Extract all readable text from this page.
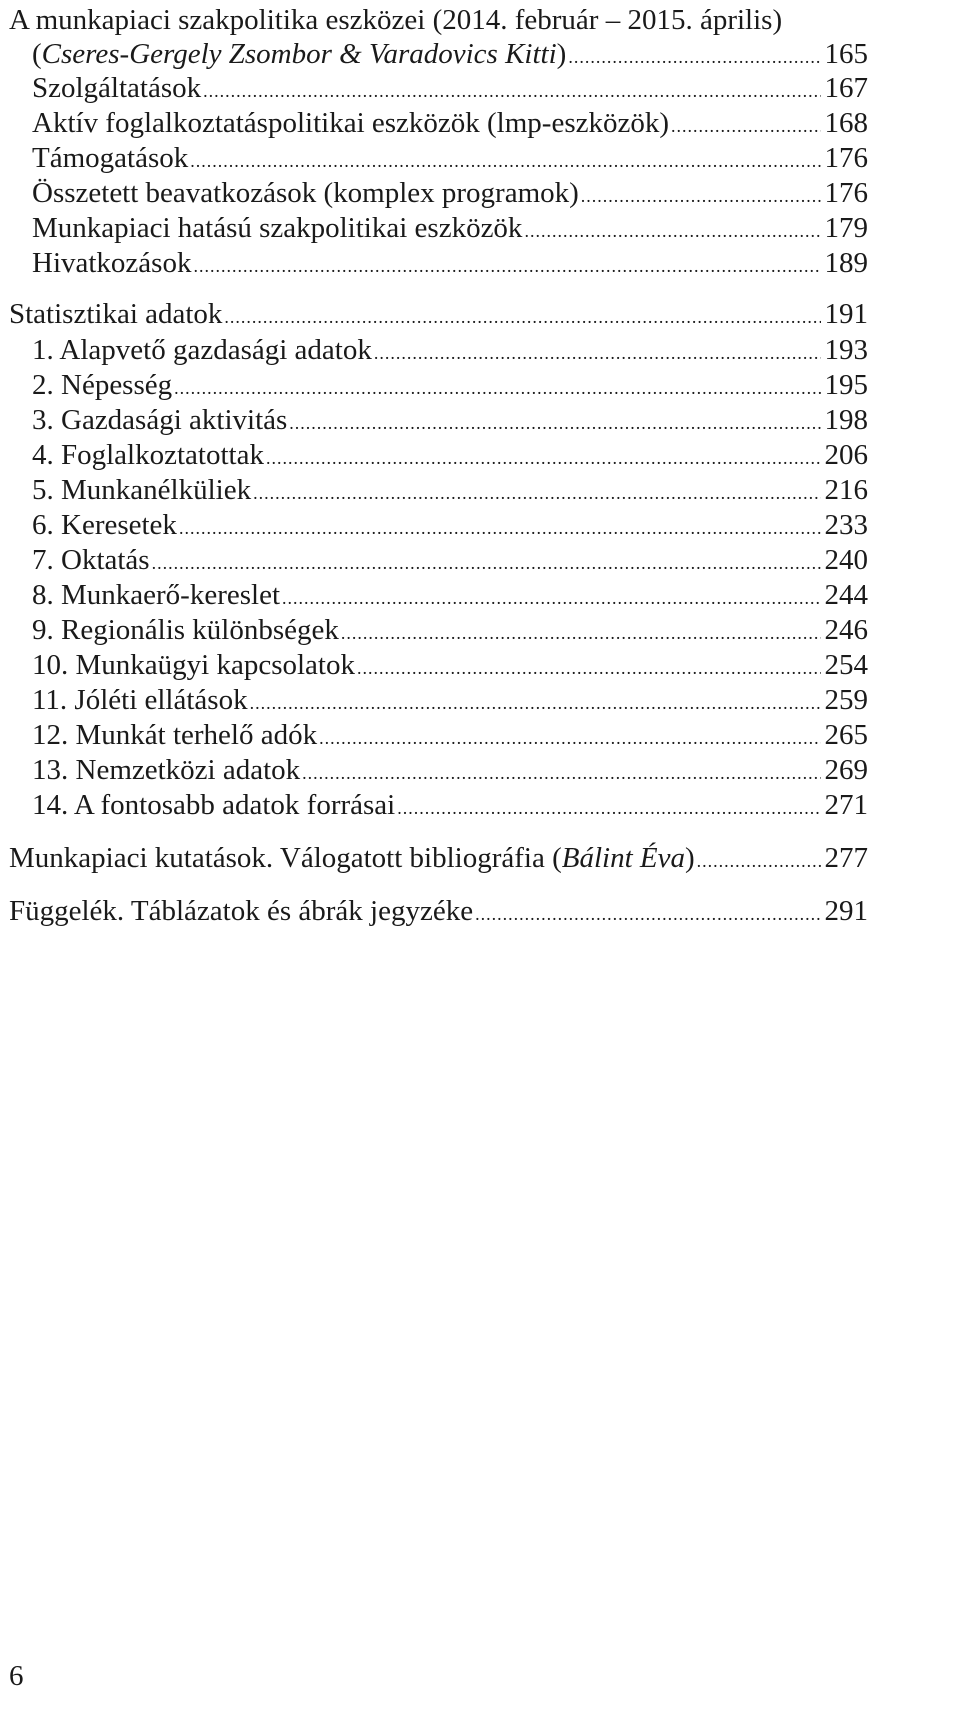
A munkapiaci szakpolitika eszközei (2014. február – 2015. április)
(Cseres-Gergely Zsombor & Varadovics Kitti) .....	165
Szolgáltatások .....	167
Aktív foglalkoztatáspolitikai eszközök (lmp-eszközök) .....	168
Támogatások .....	176
Összetett beavatkozások (komplex programok) .....	176
Munkapiaci hatású szakpolitikai eszközök .....	179
Hivatkozások .....	189
Statisztikai adatok .....	191
1. Alapvető gazdasági adatok .....	193
2. Népesség .....	195
3. Gazdasági aktivitás .....	198
4. Foglalkoztatottak .....	206
5. Munkanélküliek .....	216
6. Keresetek .....	233
7. Oktatás .....	240
8. Munkaerő-kereslet .....	244
9. Regionális különbségek .....	246
10. Munkaügyi kapcsolatok .....	254
11. Jóléti ellátások .....	259
12. Munkát terhelő adók .....	265
13. Nemzetközi adatok .....	269
14. A fontosabb adatok forrásai .....	271
Munkapiaci kutatások. Válogatott bibliográfia (Bálint Éva) .....	277
Függelék. Táblázatok és ábrák jegyzéke .....	291
6
